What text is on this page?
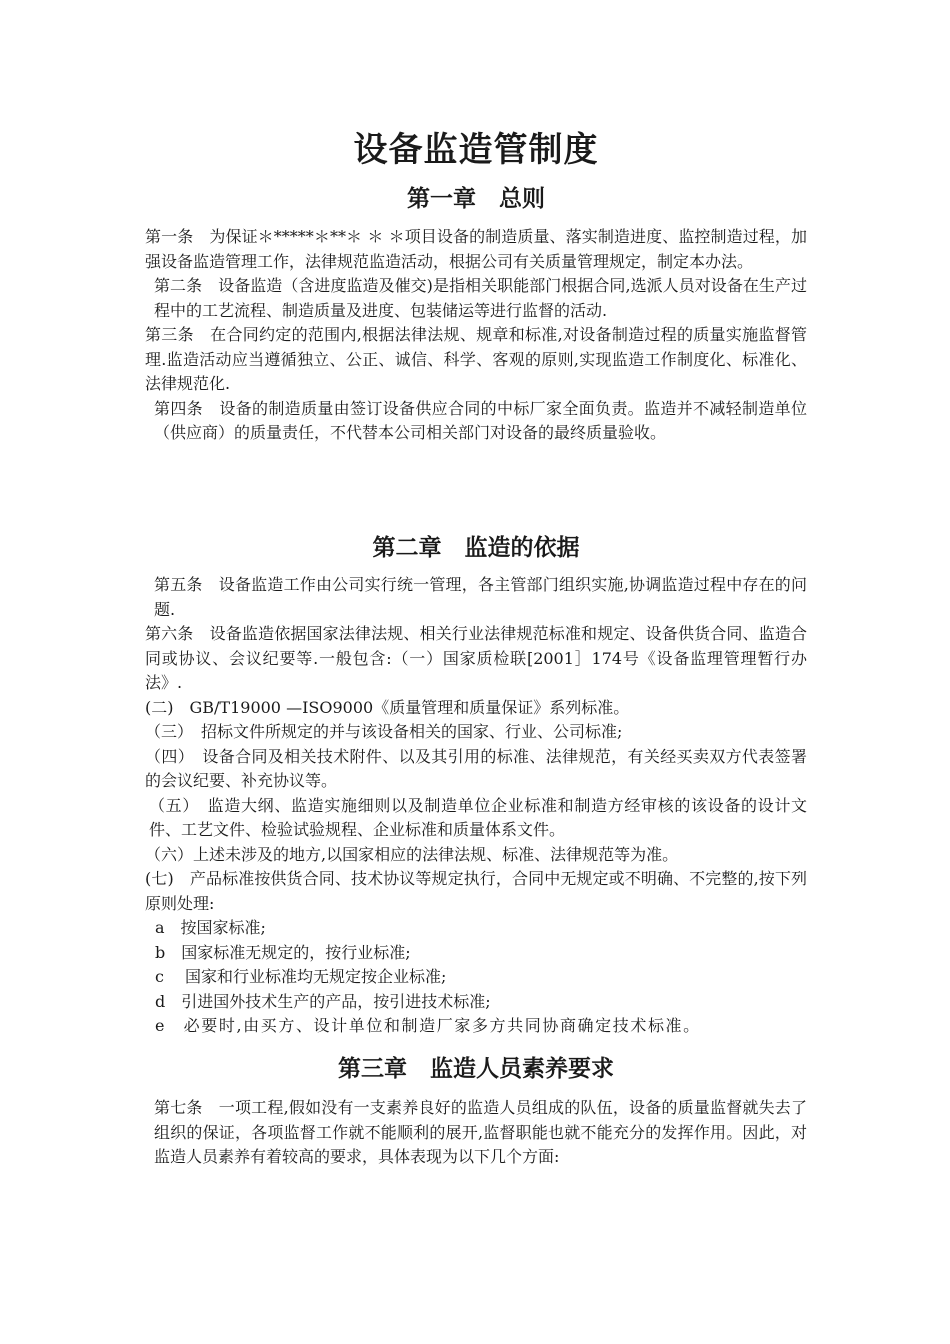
设备监造管制度
第一章　总则

第一条　为保证＊*****＊**＊ ＊ ＊项目设备的制造质量、落实制造进度、监控制造过程，加强设备监造管理工作，法律规范监造活动，根据公司有关质量管理规定，制定本办法。

第二条　设备监造（含进度监造及催交)是指相关职能部门根据合同,选派人员对设备在生产过程中的工艺流程、制造质量及进度、包装储运等进行监督的活动.

第三条　在合同约定的范围内,根据法律法规、规章和标准,对设备制造过程的质量实施监督管理.监造活动应当遵循独立、公正、诚信、科学、客观的原则,实现监造工作制度化、标准化、法律规范化.

第四条　设备的制造质量由签订设备供应合同的中标厂家全面负责。监造并不减轻制造单位（供应商）的质量责任，不代替本公司相关部门对设备的最终质量验收。

第二章　监造的依据

第五条　设备监造工作由公司实行统一管理，各主管部门组织实施,协调监造过程中存在的问题.

第六条　设备监造依据国家法律法规、相关行业法律规范标准和规定、设备供货合同、监造合同或协议、会议纪要等.一般包含:（一）国家质检联[2001］174号《设备监理管理暂行办法》.

(二)　GB/T19000 —ISO9000《质量管理和质量保证》系列标准。

（三）　招标文件所规定的并与该设备相关的国家、行业、公司标准;

（四）　设备合同及相关技术附件、以及其引用的标准、法律规范，有关经买卖双方代表签署的会议纪要、补充协议等。

（五）　监造大纲、监造实施细则以及制造单位企业标准和制造方经审核的该设备的设计文件、工艺文件、检验试验规程、企业标准和质量体系文件。

（六）上述未涉及的地方,以国家相应的法律法规、标准、法律规范等为准。

(七)　产品标准按供货合同、技术协议等规定执行，合同中无规定或不明确、不完整的,按下列原则处理:

a　按国家标准;

b　国家标准无规定的，按行业标准;

c　 国家和行业标准均无规定按企业标准;

d　引进国外技术生产的产品，按引进技术标准;

e　必要时,由买方、设计单位和制造厂家多方共同协商确定技术标准。

第三章　监造人员素养要求

第七条　一项工程,假如没有一支素养良好的监造人员组成的队伍，设备的质量监督就失去了组织的保证，各项监督工作就不能顺利的展开,监督职能也就不能充分的发挥作用。因此，对监造人员素养有着较高的要求，具体表现为以下几个方面:
